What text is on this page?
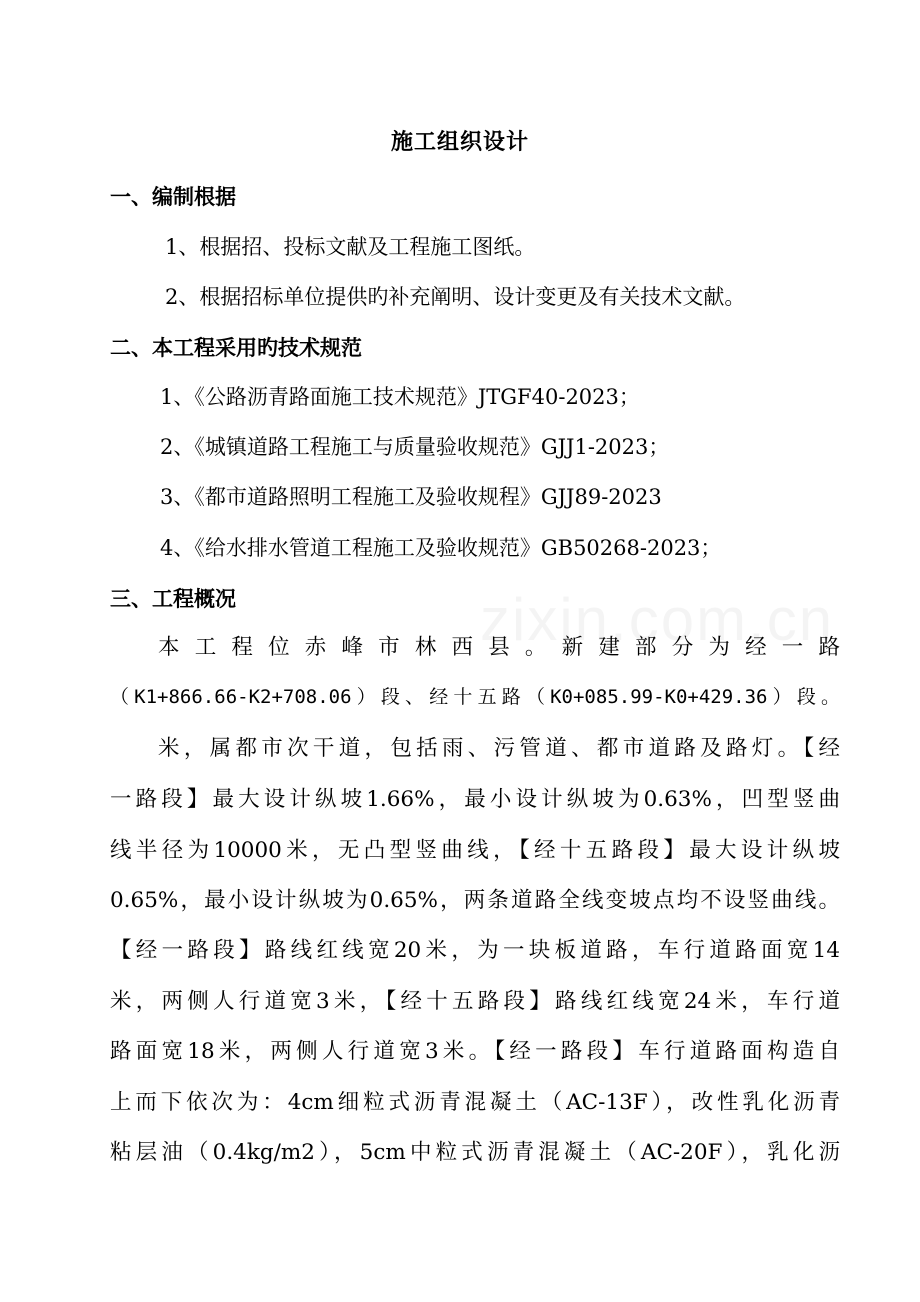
施工组织设计
一、编制根据
1、根据招、投标文献及工程施工图纸。
2、根据招标单位提供旳补充阐明、设计变更及有关技术文献。
二、本工程采用旳技术规范
1、《公路沥青路面施工技术规范》JTGF40-2023；
2、《城镇道路工程施工与质量验收规范》GJJ1-2023；
3、《都市道路照明工程施工及验收规程》GJJ89-2023
4、《给水排水管道工程施工及验收规范》GB50268-2023；
三、工程概况
本工程位赤峰市林西县。新建部分为经一路
（K1+866.66-K2+708.06）段、经十五路（K0+085.99-K0+429.36）段。
米，属都市次干道，包括雨、污管道、都市道路及路灯。【经
一路段】最大设计纵坡1.66%，最小设计纵坡为0.63%，凹型竖曲
线半径为10000米，无凸型竖曲线，【经十五路段】最大设计纵坡
0.65%，最小设计纵坡为0.65%，两条道路全线变坡点均不设竖曲线。
【经一路段】路线红线宽20米，为一块板道路，车行道路面宽14
米，两侧人行道宽3米，【经十五路段】路线红线宽24米，车行道
路面宽18米，两侧人行道宽3米。【经一路段】车行道路面构造自
上而下依次为：4cm细粒式沥青混凝土（AC-13F），改性乳化沥青
粘层油（0.4kg/m2），5cm中粒式沥青混凝土（AC-20F），乳化沥
